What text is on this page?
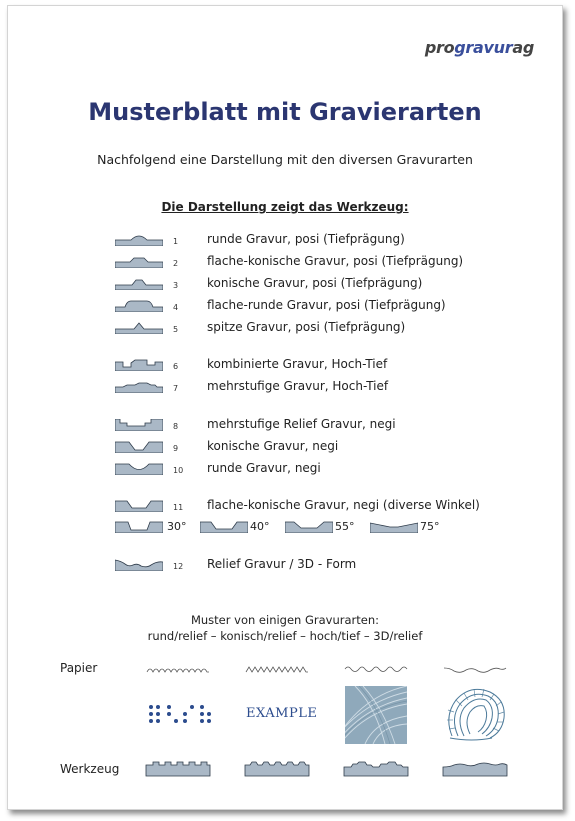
progravurag
Musterblatt mit Gravierarten
Nachfolgend eine Darstellung mit den diversen Gravurarten
Die Darstellung zeigt das Werkzeug:
1 runde Gravur, posi (Tiefprägung)
2 flache-konische Gravur, posi (Tiefprägung)
3 konische Gravur, posi (Tiefprägung)
4 flache-runde Gravur, posi (Tiefprägung)
5 spitze Gravur, posi (Tiefprägung)
6 kombinierte Gravur, Hoch-Tief
7 mehrstufige Gravur, Hoch-Tief
8 mehrstufige Relief Gravur, negi
9 konische Gravur, negi
10 runde Gravur, negi
11 flache-konische Gravur, negi (diverse Winkel)
30°	40°	55°	75°
12 Relief Gravur / 3D - Form
Muster von einigen Gravurarten:
rund/relief – konisch/relief – hoch/tief – 3D/relief
Papier
Werkzeug
EXAMPLE
